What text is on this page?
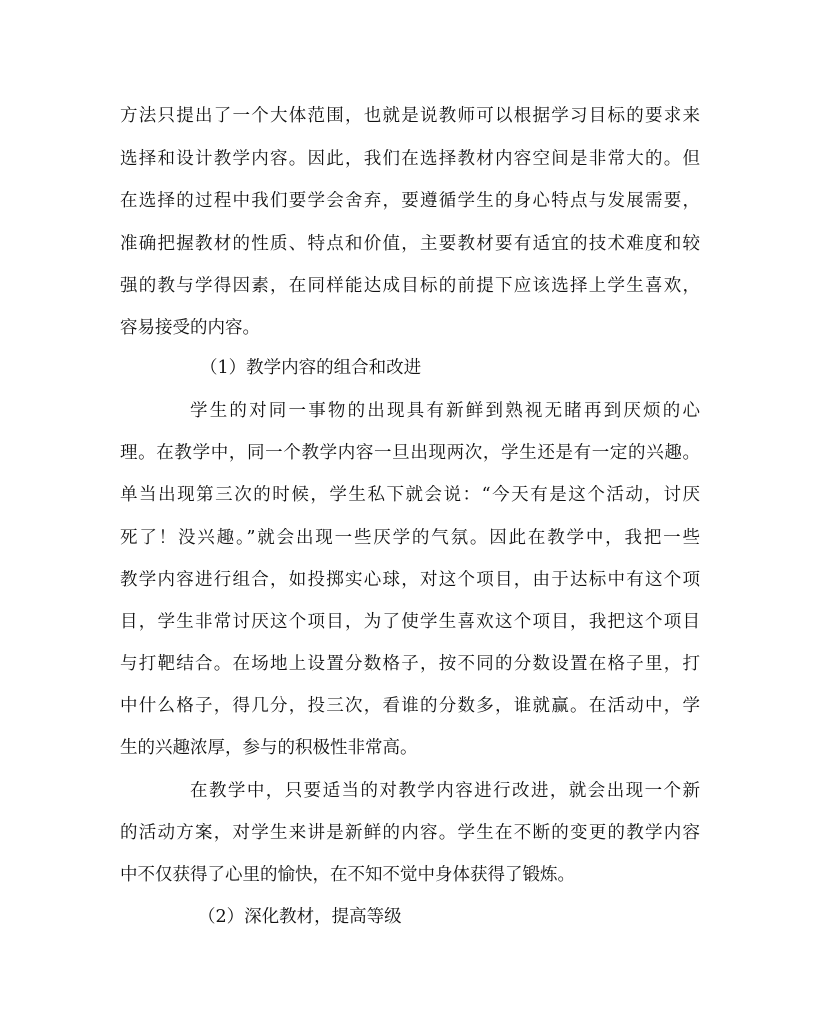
方法只提出了一个大体范围，也就是说教师可以根据学习目标的要求来
选择和设计教学内容。因此，我们在选择教材内容空间是非常大的。但
在选择的过程中我们要学会舍弃，要遵循学生的身心特点与发展需要，
准确把握教材的性质、特点和价值，主要教材要有适宜的技术难度和较
强的教与学得因素，在同样能达成目标的前提下应该选择上学生喜欢，
容易接受的内容。
（1）教学内容的组合和改进
学生的对同一事物的出现具有新鲜到熟视无睹再到厌烦的心
理。在教学中，同一个教学内容一旦出现两次，学生还是有一定的兴趣。
单当出现第三次的时候，学生私下就会说：“今天有是这个活动，讨厌
死了！没兴趣。”就会出现一些厌学的气氛。因此在教学中，我把一些
教学内容进行组合，如投掷实心球，对这个项目，由于达标中有这个项
目，学生非常讨厌这个项目，为了使学生喜欢这个项目，我把这个项目
与打靶结合。在场地上设置分数格子，按不同的分数设置在格子里，打
中什么格子，得几分，投三次，看谁的分数多，谁就赢。在活动中，学
生的兴趣浓厚，参与的积极性非常高。
在教学中，只要适当的对教学内容进行改进，就会出现一个新
的活动方案，对学生来讲是新鲜的内容。学生在不断的变更的教学内容
中不仅获得了心里的愉快，在不知不觉中身体获得了锻炼。
（2）深化教材，提高等级
